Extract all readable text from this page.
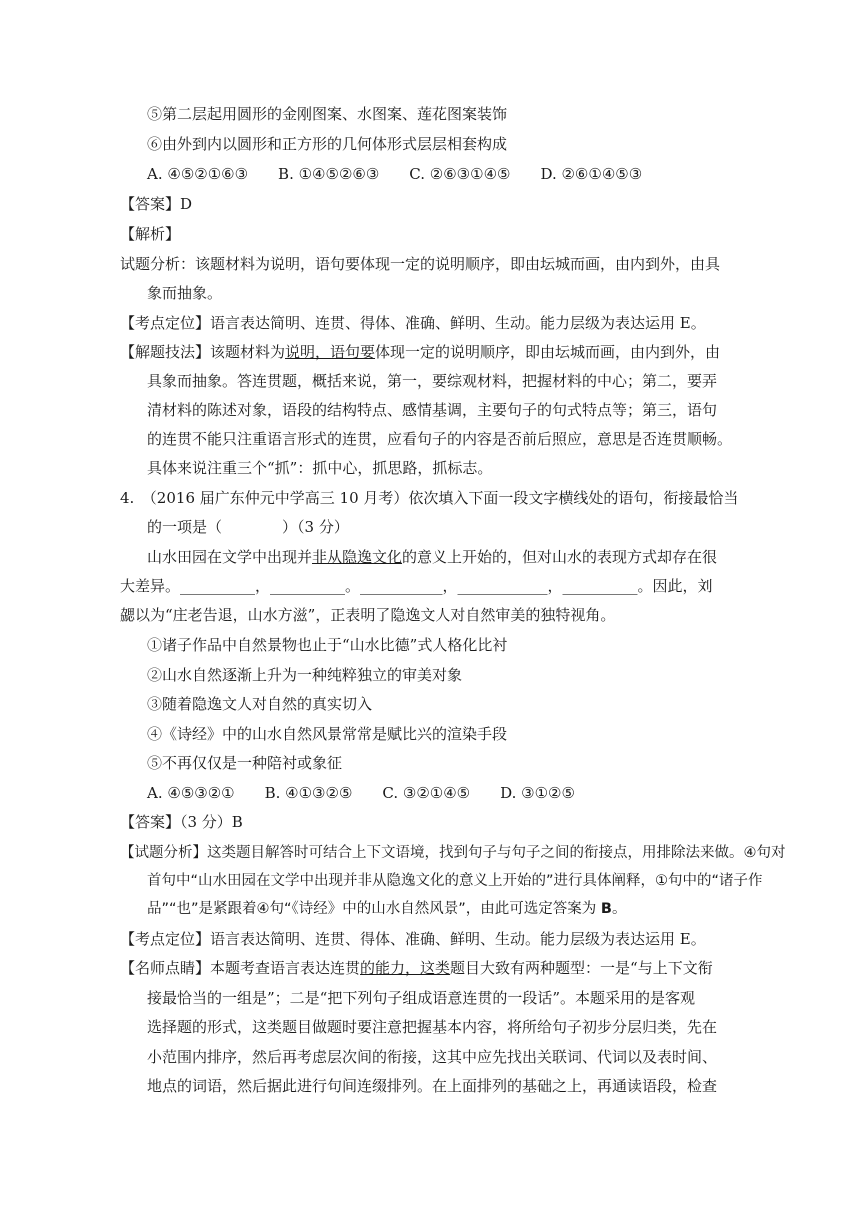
⑤第二层起用圆形的金刚图案、水图案、莲花图案装饰
⑥由外到内以圆形和正方形的几何体形式层层相套构成
A. ④⑤②①⑥③　　B. ①④⑤②⑥③　　C. ②⑥③①④⑤　　D. ②⑥①④⑤③
【答案】D
【解析】
试题分析：该题材料为说明，语句要体现一定的说明顺序，即由坛城而画，由内到外，由具
象而抽象。
【考点定位】语言表达简明、连贯、得体、准确、鲜明、生动。能力层级为表达运用 E。
【解题技法】该题材料为说明，语句要体现一定的说明顺序，即由坛城而画，由内到外，由
具象而抽象。答连贯题，概括来说，第一，要综观材料，把握材料的中心；第二，要弄
清材料的陈述对象，语段的结构特点、感情基调，主要句子的句式特点等；第三，语句
的连贯不能只注重语言形式的连贯，应看句子的内容是否前后照应，意思是否连贯顺畅。
具体来说注重三个“抓”：抓中心，抓思路，抓标志。
4.　（2016 届广东仲元中学高三 10 月考）依次填入下面一段文字横线处的语句，衔接最恰当
的一项是（　　　　）（3 分）
山水田园在文学中出现并非从隐逸文化的意义上开始的，但对山水的表现方式却存在很
大差异。__________，__________。___________，____________，__________。因此，刘
勰以为“庄老告退，山水方滋”，正表明了隐逸文人对自然审美的独特视角。
①诸子作品中自然景物也止于“山水比德”式人格化比衬
②山水自然逐渐上升为一种纯粹独立的审美对象
③随着隐逸文人对自然的真实切入
④《诗经》中的山水自然风景常常是赋比兴的渲染手段
⑤不再仅仅是一种陪衬或象征
A. ④⑤③②①　　B. ④①③②⑤　　C. ③②①④⑤　　D. ③①②⑤
【答案】（3 分）B
【试题分析】这类题目解答时可结合上下文语境，找到句子与句子之间的衔接点，用排除法来做。④句对
首句中“山水田园在文学中出现并非从隐逸文化的意义上开始的”进行具体阐释，①句中的“诸子作
品”“也”是紧跟着④句“《诗经》中的山水自然风景”，由此可选定答案为 B。
【考点定位】语言表达简明、连贯、得体、准确、鲜明、生动。能力层级为表达运用 E。
【名师点睛】本题考查语言表达连贯的能力，这类题目大致有两种题型：一是“与上下文衔
接最恰当的一组是”；二是“把下列句子组成语意连贯的一段话”。本题采用的是客观
选择题的形式，这类题目做题时要注意把握基本内容，将所给句子初步分层归类，先在
小范围内排序，然后再考虑层次间的衔接，这其中应先找出关联词、代词以及表时间、
地点的词语，然后据此进行句间连缀排列。在上面排列的基础之上，再通读语段，检查
